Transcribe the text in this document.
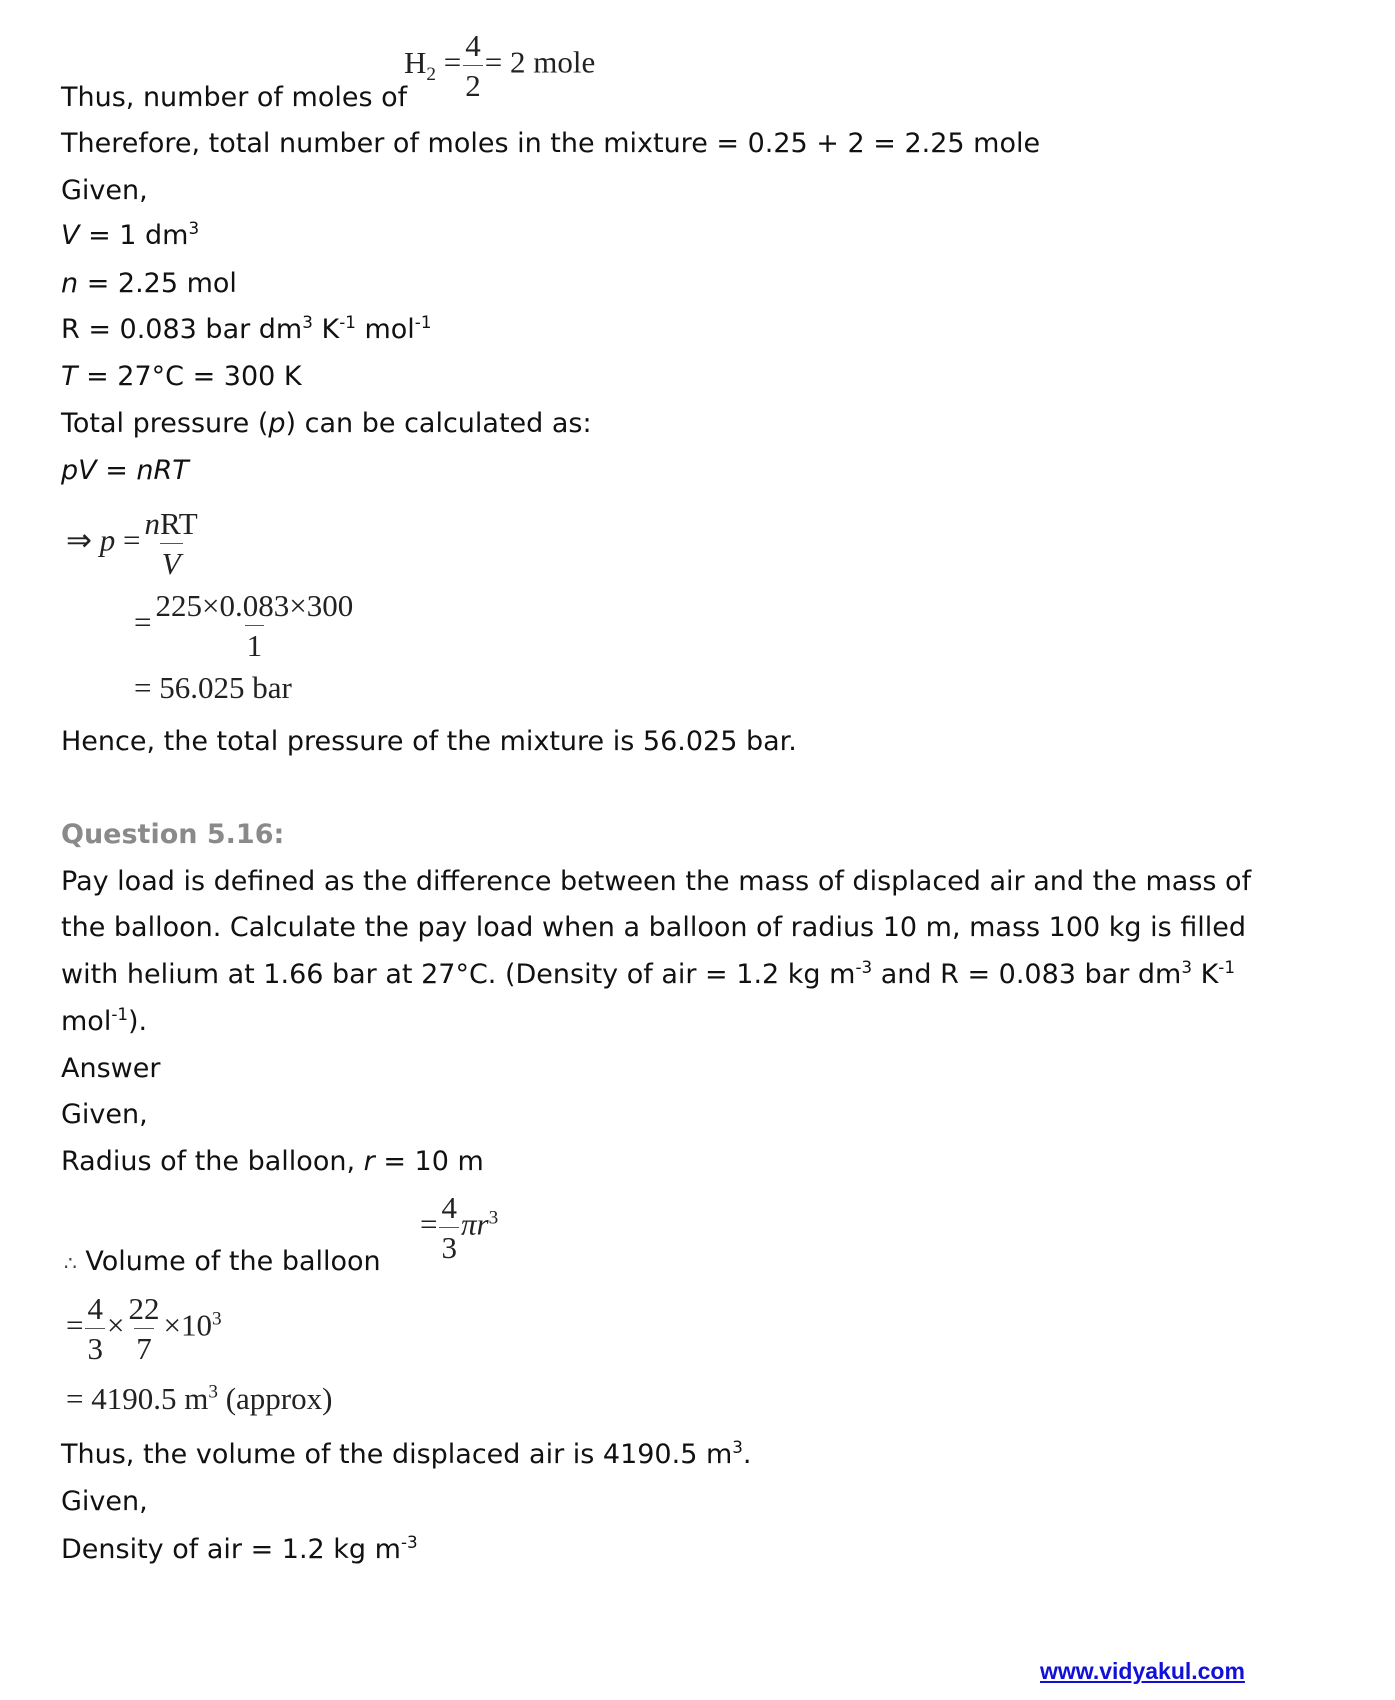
Thus, number of moles of
$H_2 = \frac{4}{2} = 2$ mole
Therefore, total number of moles in the mixture = 0.25 + 2 = 2.25 mole
Given,
V = 1 $dm^3$
n = 2.25 mol
R = 0.083 bar $dm^3$ $K^{-1}$ mol$^{-1}$
T = 27°C = 300 K
Total pressure (p) can be calculated as:
pV = nRT
⇒ $p = \frac{\text{nRT}}{V}$
= $\frac{225\times 0.083\times 300}{1}$
= 56.025 bar
Hence, the total pressure of the mixture is 56.025 bar.
Question 5.16:
Pay load is defined as the difference between the mass of displaced air and the mass of
the balloon. Calculate the pay load when a balloon of radius 10 m, mass 100 kg is filled
with helium at 1.66 bar at 27°C. (Density of air = 1.2 kg $m^{-3}$ and R = 0.083 bar $dm^3$ $K^{-1}$
mol$^{-1}$).
Answer
Given,
Radius of the balloon, r = 10 m
∴ Volume of the balloon
= $\frac{4}{3} \pi r^3$
= $\frac{4}{3} \times \frac{22}{7} \times 10^3$
= 4190.5 $m^3$ (approx)
Thus, the volume of the displaced air is 4190.5 $m^3$.
Given,
Density of air = 1.2 kg $m^{-3}$
www.vidyakul.com
